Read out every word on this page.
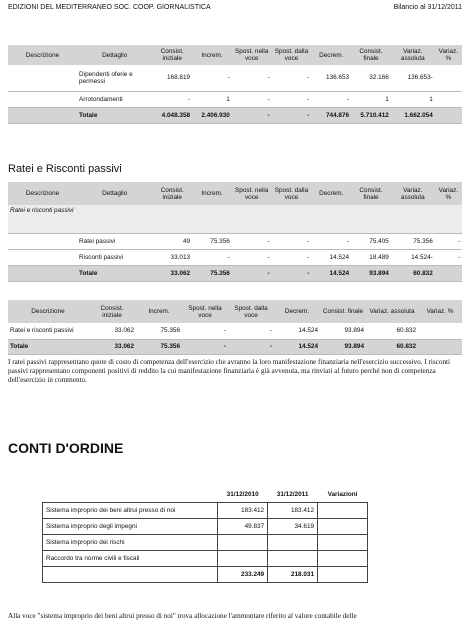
EDIZIONI DEL MEDITERRANEO SOC. COOP. GIORNALISTICA	Bilancio al 31/12/2011
Descrizione	Dettaglio	Consist. iniziale	Increm.	Spost. nella voce	Spost. dalla voce	Decrem.	Consist. finale	Variaz. assoluta	Variaz. %
	Dipendenti oferie e permessi	168.819	-	-	-	136.653	32.166	136.653-	
	Arrotondamenti	-	1	-	-	-	1	1	
	Totale	4.048.358	2.406.930	-	-	744.876	5.710.412	1.662.054	
Ratei e Risconti passivi
Descrizione	Dettaglio	Consist. iniziale	Increm.	Spost. nella voce	Spost. dalla voce	Decrem.	Consist. finale	Variaz. assoluta	Variaz. %
Ratei e risconti passivi									
	Ratei passivi	49	75.356	-	-	-	75.405	75.356	-
	Risconti passivi	33.013	-	-	-	14.524	18.489	14.524-	-
	Totale	33.062	75.356	-	-	14.524	93.894	60.832	
Descrizione	Consist. iniziale	Increm.	Spost. nella voce	Spost. dalla voce	Decrem.	Consist. finale	Variaz. assoluta	Variaz. %
Ratei e risconti passivi	33.062	75.356	-	-	14.524	93.894	60.832	
Totale	33.062	75.356	-	-	14.524	93.894	60.832	
I ratei passivi rappresentano quote di costo di competenza dell'esercizio che avranno la loro manifestazione finanziaria nell'esercizio successivo. I risconti passivi rappresentano componenti positivi di reddito la cui manifestazione finanziaria è già avvenuta, ma rinviati al futuro perché non di competenza dell'esercizio in commento.
CONTI D'ORDINE
	31/12/2010	31/12/2011	Variazioni
Sistema improprio dei beni altrui presso di noi	183.412	183.412	
Sistema improprio degli impegni	49.837	34.619	
Sistema improprio dei rischi			
Raccordo tra norme civili e fiscali			
	233.249	218.031	
Alla voce "sistema improprio dei beni altrui presso di noi" trova allocazione l'ammontare riferito al valore contabile delle
